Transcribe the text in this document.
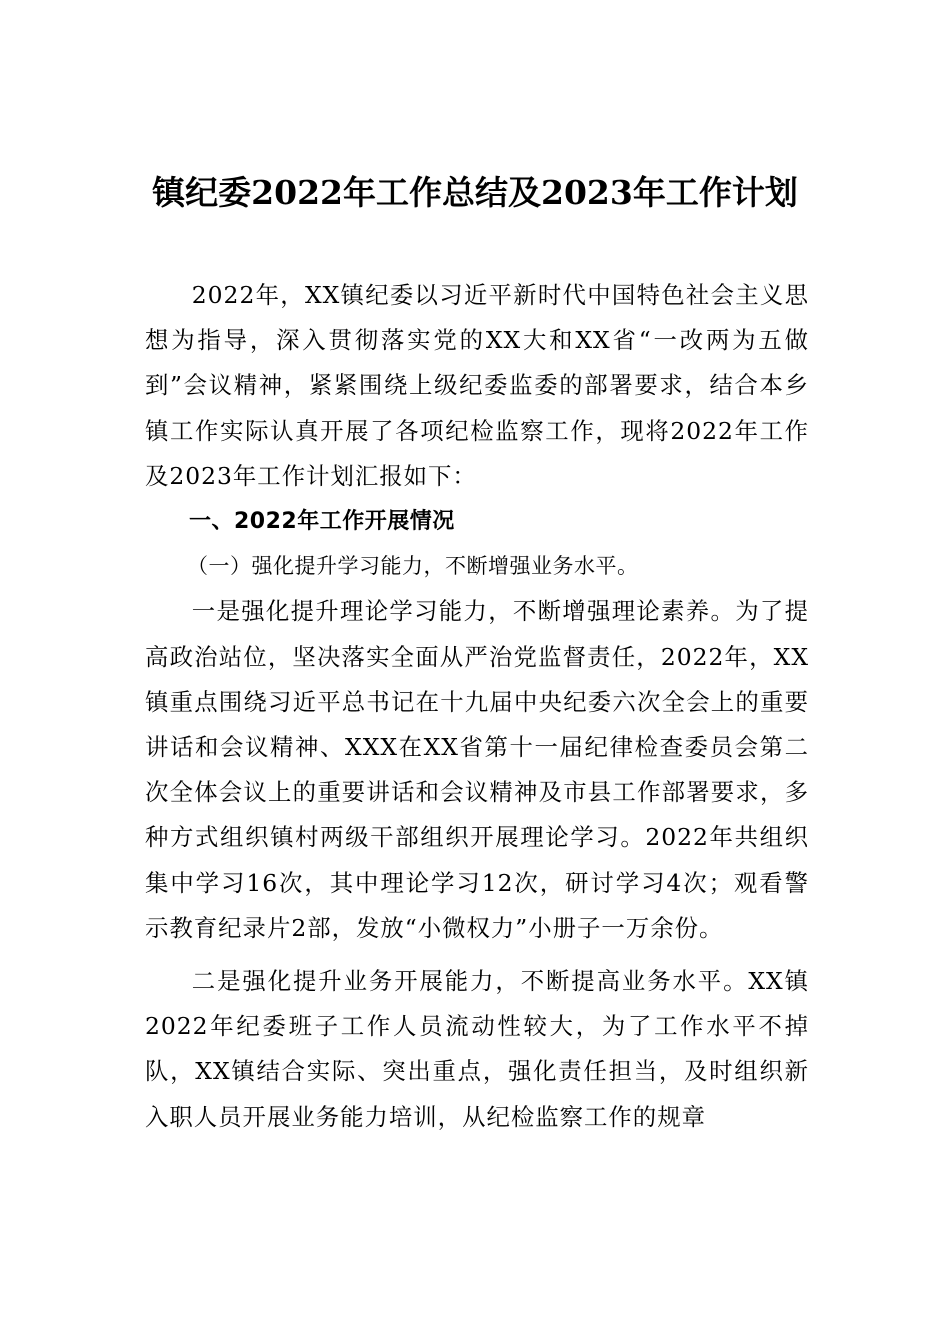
镇纪委2022年工作总结及2023年工作计划

2022年，XX镇纪委以习近平新时代中国特色社会主义思想为指导，深入贯彻落实党的XX大和XX省“一改两为五做到”会议精神，紧紧围绕上级纪委监委的部署要求，结合本乡镇工作实际认真开展了各项纪检监察工作，现将2022年工作及2023年工作计划汇报如下：

一、2022年工作开展情况

（一）强化提升学习能力，不断增强业务水平。

一是强化提升理论学习能力，不断增强理论素养。为了提高政治站位，坚决落实全面从严治党监督责任，2022年，XX镇重点围绕习近平总书记在十九届中央纪委六次全会上的重要讲话和会议精神、XXX在XX省第十一届纪律检查委员会第二次全体会议上的重要讲话和会议精神及市县工作部署要求，多种方式组织镇村两级干部组织开展理论学习。2022年共组织集中学习16次，其中理论学习12次，研讨学习4次；观看警示教育纪录片2部，发放“小微权力”小册子一万余份。

二是强化提升业务开展能力，不断提高业务水平。XX镇2022年纪委班子工作人员流动性较大，为了工作水平不掉队，XX镇结合实际、突出重点，强化责任担当，及时组织新入职人员开展业务能力培训，从纪检监察工作的规章
